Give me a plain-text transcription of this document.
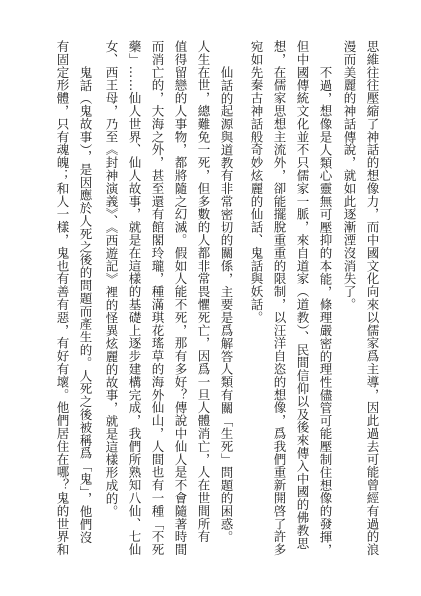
思維往往壓縮了神話的想像力，而中國文化向來以儒家爲主導，因此過去可能曾經有過的浪
漫而美麗的神話傳說，就如此逐漸湮沒消失了。
不過，想像是人類心靈無可壓抑的本能，條理嚴密的理性儘管可能壓制住想像的發揮，
但中國傳統文化並不只儒家一脈，來自道家（道教）、民間信仰以及後來傳入中國的佛教思
想，在儒家思想主流外，卻能擺脫重重的限制，以汪洋自恣的想像，爲我們重新開啓了許多
宛如先秦古神話般奇妙炫麗的仙話、鬼話與妖話。
仙話的起源與道教有非常密切的關係，主要是爲解答人類有關「生死」問題的困惑。
人生在世，總難免一死，但多數的人都非常畏懼死亡，因爲一旦人體消亡，人在世間所有
值得留戀的人事物，都將隨之幻滅。假如人能不死，那有多好？傳說中仙人是不會隨著時間
而消亡的，大海之外，甚至還有館閣玲瓏，種滿琪花瑤草的海外仙山，人間也有一種「不死
藥」……仙人世界、仙人故事，就是在這樣的基礎上逐步建構完成，我們所熟知八仙、七仙
女、西王母，乃至《封神演義》、《西遊記》裡的怪異炫麗的故事，就是這樣形成的。
鬼話（鬼故事），是因應於人死之後的問題而產生的。人死之後被稱爲「鬼」，他們沒
有固定形體，只有魂魄；和人一樣，鬼也有善有惡，有好有壞。他們居住在哪？鬼的世界和
